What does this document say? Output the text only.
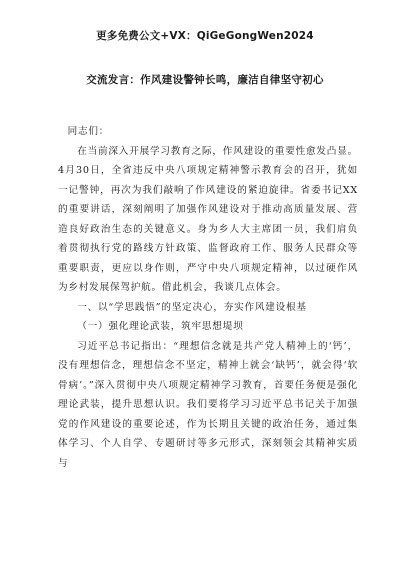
更多免费公文+VX：QiGeGongWen2024
交流发言：作风建设警钟长鸣，廉洁自律坚守初心

同志们：

在当前深入开展学习教育之际，作风建设的重要性愈发凸显。4月30日，全省违反中央八项规定精神警示教育会的召开，犹如一记警钟，再次为我们敲响了作风建设的紧迫旋律。省委书记XX的重要讲话，深刻阐明了加强作风建设对于推动高质量发展、营造良好政治生态的关键意义。身为乡人大主席团一员，我们肩负着贯彻执行党的路线方针政策、监督政府工作、服务人民群众等重要职责，更应以身作则，严守中央八项规定精神，以过硬作风为乡村发展保驾护航。借此机会，我谈几点体会。

一、以“学思践悟”的坚定决心，夯实作风建设根基

（一）强化理论武装，筑牢思想堤坝

习近平总书记指出：“理想信念就是共产党人精神上的‘钙’，没有理想信念，理想信念不坚定，精神上就会‘缺钙’，就会得‘软骨病’。”深入贯彻中央八项规定精神学习教育，首要任务便是强化理论武装，提升思想认识。我们要将学习习近平总书记关于加强党的作风建设的重要论述，作为长期且关键的政治任务，通过集体学习、个人自学、专题研讨等多元形式，深刻领会其精神实质与
